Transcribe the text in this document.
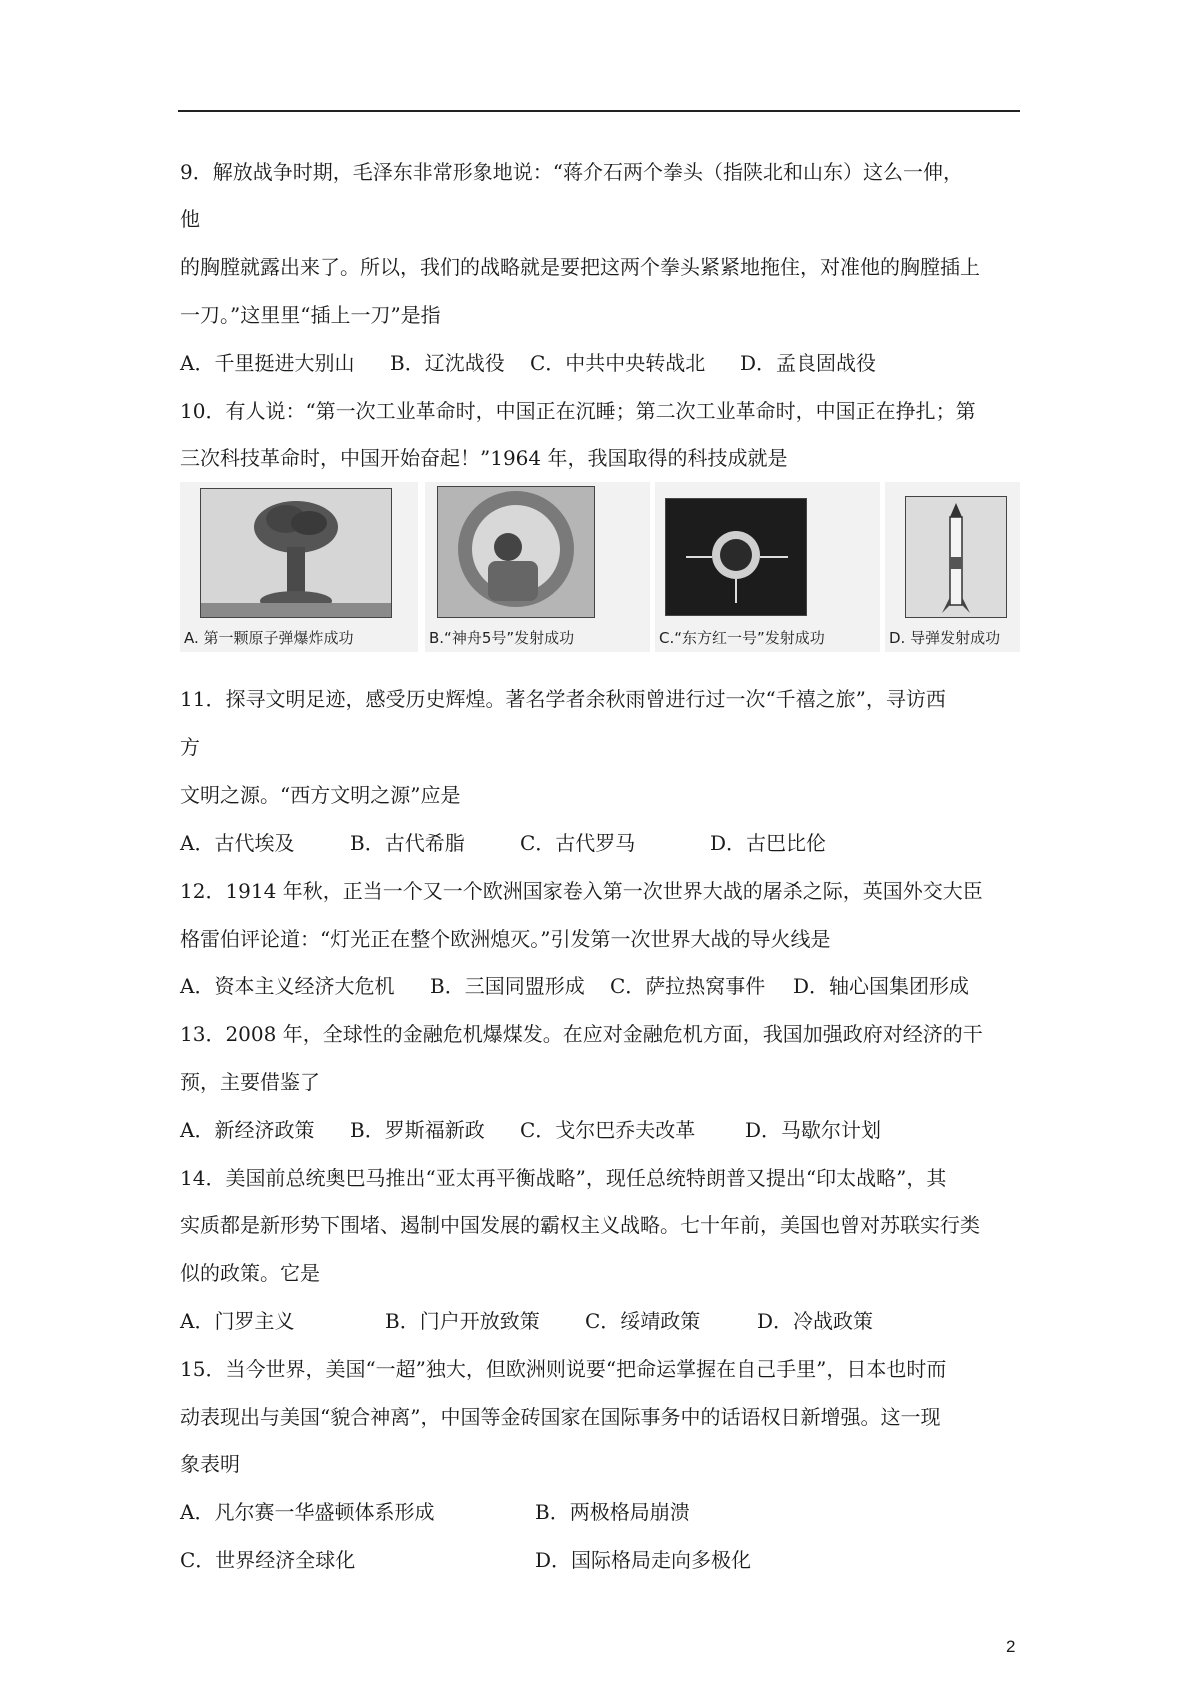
9．解放战争时期，毛泽东非常形象地说：“蒋介石两个拳头（指陕北和山东）这么一伸，
他
的胸膛就露出来了。所以，我们的战略就是要把这两个拳头紧紧地拖住，对准他的胸膛插上
一刀。”这里里“插上一刀”是指
A．千里挺进大别山 B．辽沈战役 C．中共中央转战北 D．孟良固战役
10．有人说：“第一次工业革命时，中国正在沉睡；第二次工业革命时，中国正在挣扎；第
三次科技革命时，中国开始奋起！”1964 年，我国取得的科技成就是
A. 第一颗原子弹爆炸成功	B.“神舟5号”发射成功	C.“东方红一号”发射成功	D. 导弹发射成功
11．探寻文明足迹，感受历史辉煌。著名学者余秋雨曾进行过一次“千禧之旅”，寻访西
方
文明之源。“西方文明之源”应是
A．古代埃及	B．古代希脂	C．古代罗马	D．古巴比伦
12．1914 年秋，正当一个又一个欧洲国家卷入第一次世界大战的屠杀之际，英国外交大臣
格雷伯评论道：“灯光正在整个欧洲熄灭。”引发第一次世界大战的导火线是
A．资本主义经济大危机 B．三国同盟形成 C．萨拉热窝事件 D．轴心国集团形成
13．2008 年，全球性的金融危机爆煤发。在应对金融危机方面，我国加强政府对经济的干
预，主要借鉴了
A．新经济政策 B．罗斯福新政 C．戈尔巴乔夫改革 D．马歇尔计划
14．美国前总统奥巴马推出“亚太再平衡战略”，现任总统特朗普又提出“印太战略”，其
实质都是新形势下围堵、遏制中国发展的霸权主义战略。七十年前，美国也曾对苏联实行类
似的政策。它是
A．门罗主义	B．门户开放致策 C．绥靖政策	D．冷战政策
15．当今世界，美国“一超”独大，但欧洲则说要“把命运掌握在自己手里”，日本也时而
动表现出与美国“貌合神离”，中国等金砖国家在国际事务中的话语权日新增强。这一现
象表明
A．凡尔赛一华盛顿体系形成	B．两极格局崩溃
C．世界经济全球化	D．国际格局走向多极化
2
